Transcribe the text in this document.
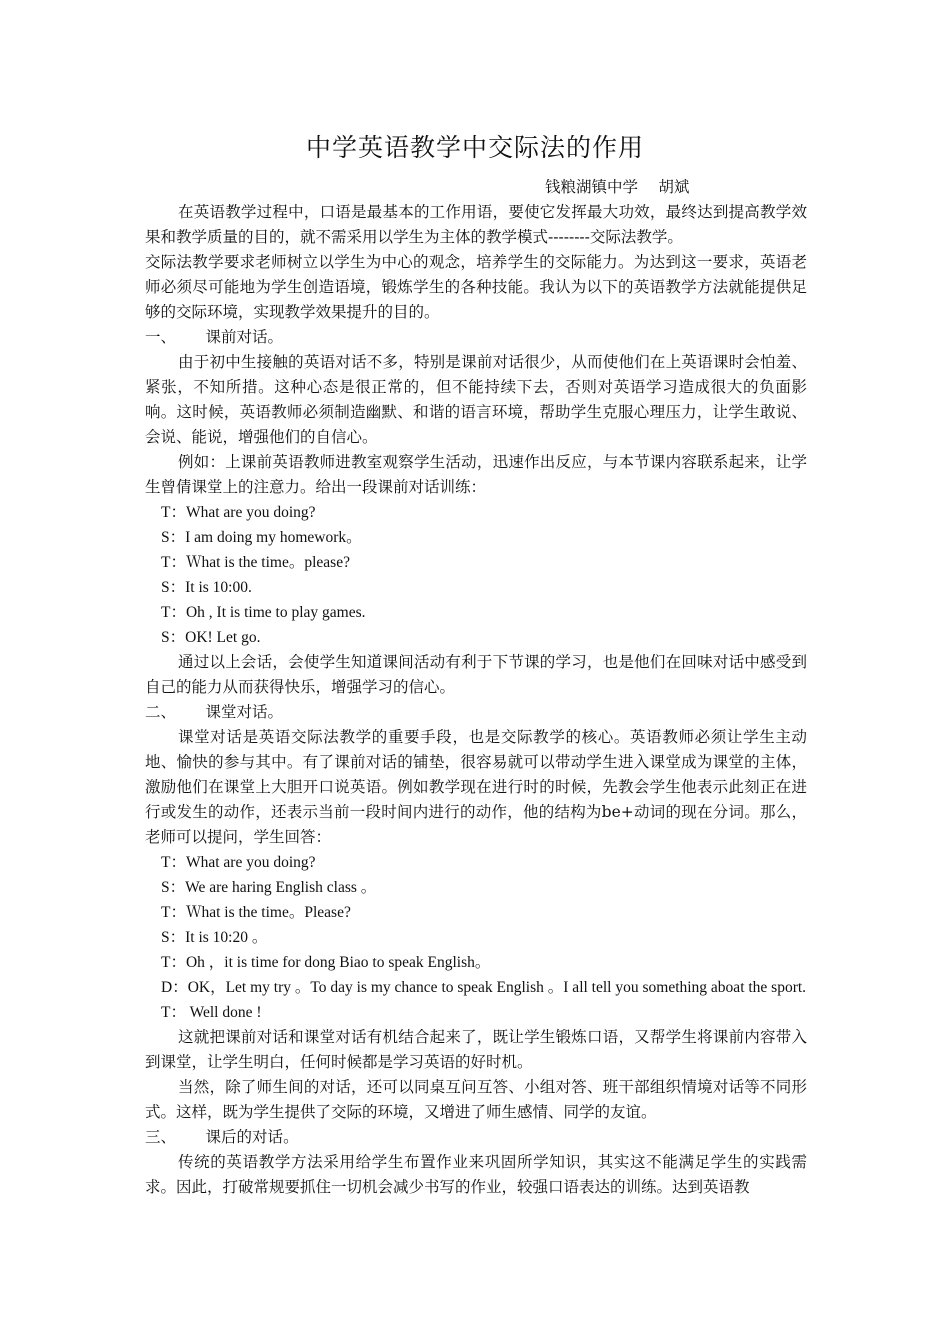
中学英语教学中交际法的作用
钱粮湖镇中学　 胡斌

在英语教学过程中，口语是最基本的工作用语，要使它发挥最大功效，最终达到提高教学效果和教学质量的目的，就不需采用以学生为主体的教学模式--------交际法教学。

交际法教学要求老师树立以学生为中心的观念，培养学生的交际能力。为达到这一要求，英语老师必须尽可能地为学生创造语境，锻炼学生的各种技能。我认为以下的英语教学方法就能提供足够的交际环境，实现教学效果提升的目的。

一、      课前对话。

由于初中生接触的英语对话不多，特别是课前对话很少，从而使他们在上英语课时会怕羞、紧张，不知所措。这种心态是很正常的，但不能持续下去，否则对英语学习造成很大的负面影响。这时候，英语教师必须制造幽默、和谐的语言环境，帮助学生克服心理压力，让学生敢说、会说、能说，增强他们的自信心。

例如：上课前英语教师进教室观察学生活动，迅速作出反应，与本节课内容联系起来，让学生曾倩课堂上的注意力。给出一段课前对话训练：

T：What are you doing?

S：I am doing my homework。

T：Ｗhat is the time。please?

S：It is 10:00.

T：Oh , It is time to play games.

S：OK! Let go.

通过以上会话，会使学生知道课间活动有利于下节课的学习，也是他们在回味对话中感受到自己的能力从而获得快乐，增强学习的信心。

二、      课堂对话。

课堂对话是英语交际法教学的重要手段，也是交际教学的核心。英语教师必须让学生主动地、愉快的参与其中。有了课前对话的铺垫，很容易就可以带动学生进入课堂成为课堂的主体，激励他们在课堂上大胆开口说英语。例如教学现在进行时的时候，先教会学生他表示此刻正在进行或发生的动作，还表示当前一段时间内进行的动作，他的结构为be+动词的现在分词。那么，老师可以提问，学生回答：

T：What are you doing?

S：We are haring English class 。

T：Ｗhat is the time。Please?

S：It is 10:20 。

T：Oh ，it is time for dong Biao to speak English。

D：OK，Let my try 。To day is my chance to speak English 。I all tell you something aboat the sport.

T： Well done !

这就把课前对话和课堂对话有机结合起来了，既让学生锻炼口语，又帮学生将课前内容带入到课堂，让学生明白，任何时候都是学习英语的好时机。

当然，除了师生间的对话，还可以同桌互问互答、小组对答、班干部组织情境对话等不同形式。这样，既为学生提供了交际的环境，又增进了师生感情、同学的友谊。

三、      课后的对话。

传统的英语教学方法采用给学生布置作业来巩固所学知识，其实这不能满足学生的实践需求。因此，打破常规要抓住一切机会减少书写的作业，较强口语表达的训练。达到英语教
